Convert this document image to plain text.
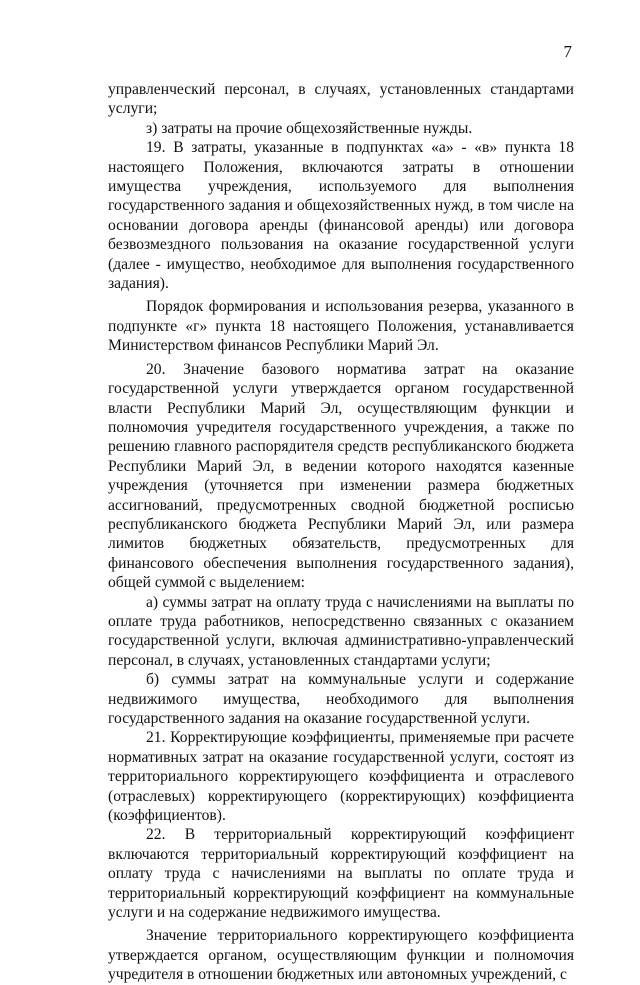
7

управленческий персонал, в случаях, установленных стандартами услуги;

з) затраты на прочие общехозяйственные нужды.

19. В затраты, указанные в подпунктах «а» - «в» пункта 18 настоящего Положения, включаются затраты в отношении имущества учреждения, используемого для выполнения государственного задания и общехозяйственных нужд, в том числе на основании договора аренды (финансовой аренды) или договора безвозмездного пользования на оказание государственной услуги (далее - имущество, необходимое для выполнения государственного задания).

Порядок формирования и использования резерва, указанного в подпункте «г» пункта 18 настоящего Положения, устанавливается Министерством финансов Республики Марий Эл.

20. Значение базового норматива затрат на оказание государственной услуги утверждается органом государственной власти Республики Марий Эл, осуществляющим функции и полномочия учредителя государственного учреждения, а также по решению главного распорядителя средств республиканского бюджета Республики Марий Эл, в ведении которого находятся казенные учреждения (уточняется при изменении размера бюджетных ассигнований, предусмотренных сводной бюджетной росписью республиканского бюджета Республики Марий Эл, или размера лимитов бюджетных обязательств, предусмотренных для финансового обеспечения выполнения государственного задания), общей суммой с выделением:

а) суммы затрат на оплату труда с начислениями на выплаты по оплате труда работников, непосредственно связанных с оказанием государственной услуги, включая административно-управленческий персонал, в случаях, установленных стандартами услуги;

б) суммы затрат на коммунальные услуги и содержание недвижимого имущества, необходимого для выполнения государственного задания на оказание государственной услуги.

21. Корректирующие коэффициенты, применяемые при расчете нормативных затрат на оказание государственной услуги, состоят из территориального корректирующего коэффициента и отраслевого (отраслевых) корректирующего (корректирующих) коэффициента (коэффициентов).

22. В территориальный корректирующий коэффициент включаются территориальный корректирующий коэффициент на оплату труда с начислениями на выплаты по оплате труда и территориальный корректирующий коэффициент на коммунальные услуги и на содержание недвижимого имущества.

Значение территориального корректирующего коэффициента утверждается органом, осуществляющим функции и полномочия учредителя в отношении бюджетных или автономных учреждений, с
